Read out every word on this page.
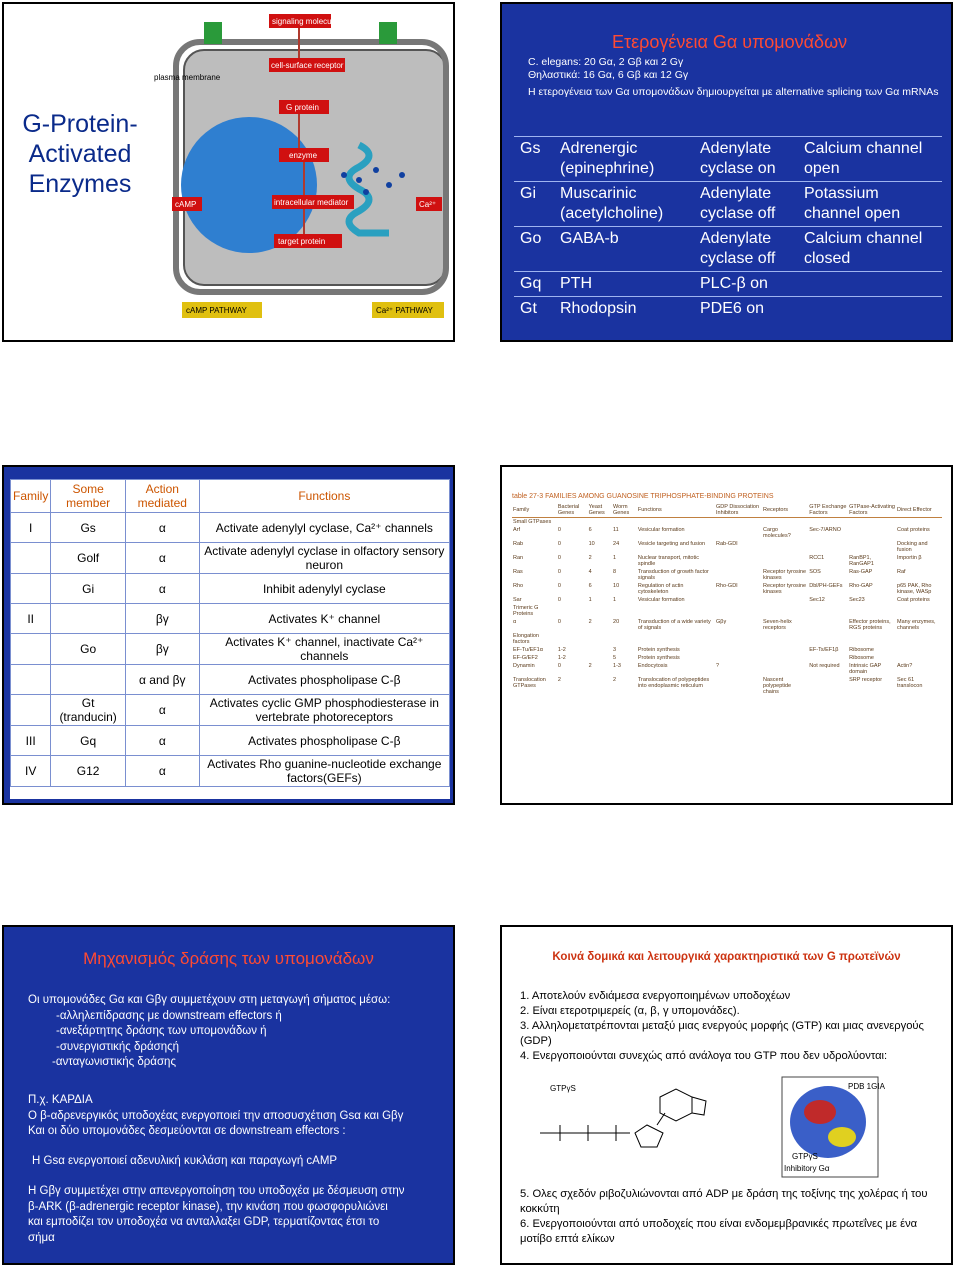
G-Protein-Activated Enzymes
signaling molecule
cell-surface receptor
G protein
enzyme
intracellular mediator
target protein
cAMP	Ca²⁺
plasma membrane
cAMP PATHWAY	Ca²⁺ PATHWAY
Ετερογένεια Gα υπομονάδων
C. elegans: 20 Gα, 2 Gβ και 2 Gγ
Θηλαστικά: 16 Gα, 6 Gβ και 12 Gγ
Η ετερογένεια των Gα υπομονάδων δημιουργείται με alternative splicing των Gα mRNAs
Gs	Adrenergic (epinephrine)	Adenylate cyclase on	Calcium channel open
Gi	Muscarinic (acetylcholine)	Adenylate cyclase off	Potassium channel open
Go	GABA-b	Adenylate cyclase off	Calcium channel closed
Gq	PTH	PLC-β on	
Gt	Rhodopsin	PDE6 on	
Family	Some member	Action mediated	Functions
I	Gs	α	Activate adenylyl cyclase, Ca²⁺ channels
	Golf	α	Activate adenylyl cyclase in olfactory sensory neuron
	Gi	α	Inhibit adenylyl cyclase
II		βγ	Activates K⁺ channel
	Go	βγ	Activates K⁺ channel, inactivate Ca²⁺ channels
		α and βγ	Activates phospholipase C-β
	Gt (tranducin)	α	Activates cyclic GMP phosphodiesterase in vertebrate photoreceptors
III	Gq	α	Activates phospholipase C-β
IV	G12	α	Activates Rho guanine-nucleotide exchange factors(GEFs)
table 27-3 FAMILIES AMONG GUANOSINE TRIPHOSPHATE-BINDING PROTEINS
Family	Bacterial Genes	Yeast Genes	Worm Genes	Functions	GDP Dissociation Inhibitors	Receptors	GTP Exchange Factors	GTPase-Activating Factors	Direct Effector
Small GTPases									
Arf	0	6	11	Vesicular formation		Cargo molecules?	Sec-7/ARNO		Coat proteins
Rab	0	10	24	Vesicle targeting and fusion	Rab-GDI				Docking and fusion
Ran	0	2	1	Nuclear transport, mitotic spindle			RCC1	RanBP1, RanGAP1	Importin β
Ras	0	4	8	Transduction of growth factor signals		Receptor tyrosine kinases	SOS	Ras-GAP	Raf
Rho	0	6	10	Regulation of actin cytoskeleton	Rho-GDI	Receptor tyrosine kinases	Dbl/PH-GEFs	Rho-GAP	p65 PAK, Rho kinase, WASp
Sar	0	1	1	Vesicular formation			Sec12	Sec23	Coat proteins
Trimeric G Proteins									
α	0	2	20	Transduction of a wide variety of signals	Gβγ	Seven-helix receptors		Effector proteins, RGS proteins	Many enzymes, channels
Elongation factors									
EF-Tu/EF1α	1-2		3	Protein synthesis			EF-Ts/EF1β	Ribosome	
EF-G/EF2	1-2		5	Protein synthesis				Ribosome	
Dynamin	0	2	1-3	Endocytosis	?		Not required	Intrinsic GAP domain	Actin?
Translocation GTPases	2		2	Translocation of polypeptides into endoplasmic reticulum		Nascent polypeptide chains		SRP receptor	Sec 61 translocon
Μηχανισμός δράσης των υπομονάδων
Οι υπομονάδες Gα και Gβγ συμμετέχουν στη μεταγωγή σήματος μέσω:
-αλληλεπίδρασης με downstream effectors ή
-ανεξάρτητης δράσης των υπομονάδων ή
-συνεργιστικής δράσηςή
-ανταγωνιστικής δράσης
Π.χ. ΚΑΡΔΙΑ
Ο β-αδρενεργικός υποδοχέας ενεργοποιεί την αποσυσχέτιση Gsα και Gβγ
Και οι δύο υπομονάδες δεσμεύονται σε downstream effectors :
Η Gsα ενεργοποιεί αδενυλική κυκλάση και παραγωγή cAMP
Η Gβγ συμμετέχει στην απενεργοποίηση του υποδοχέα με δέσμευση στην
β-ARK (β-adrenergic receptor kinase), την κινάση που φωσφορυλιώνει
και εμποδίζει τον υποδοχέα να ανταλλαξει GDP, τερματίζοντας έτσι το
σήμα
Κοινά δομικά και λειτουργικά χαρακτηριστικά των G πρωτεϊνών
1. Αποτελούν ενδιάμεσα ενεργοποιημένων υποδοχέων
2. Είναι ετεροτριμερείς (α, β, γ υπομονάδες).
3. Αλληλομετατρέπονται μεταξύ μιας ενεργούς μορφής (GTP) και μιας ανενεργούς (GDP)
4. Ενεργοποιούνται συνεχώς από ανάλογα του GTP που δεν υδρολύονται:
GTPγS	PDB 1GIA
GTPγS
Inhibitory Gα
5. Ολες σχεδόν ριβοζυλιώνονται από ADP με δράση της τοξίνης της χολέρας ή του κοκκύτη
6. Ενεργοποιούνται από υποδοχείς που είναι ενδομεμβρανικές πρωτεΐνες με ένα μοτίβο επτά ελίκων
